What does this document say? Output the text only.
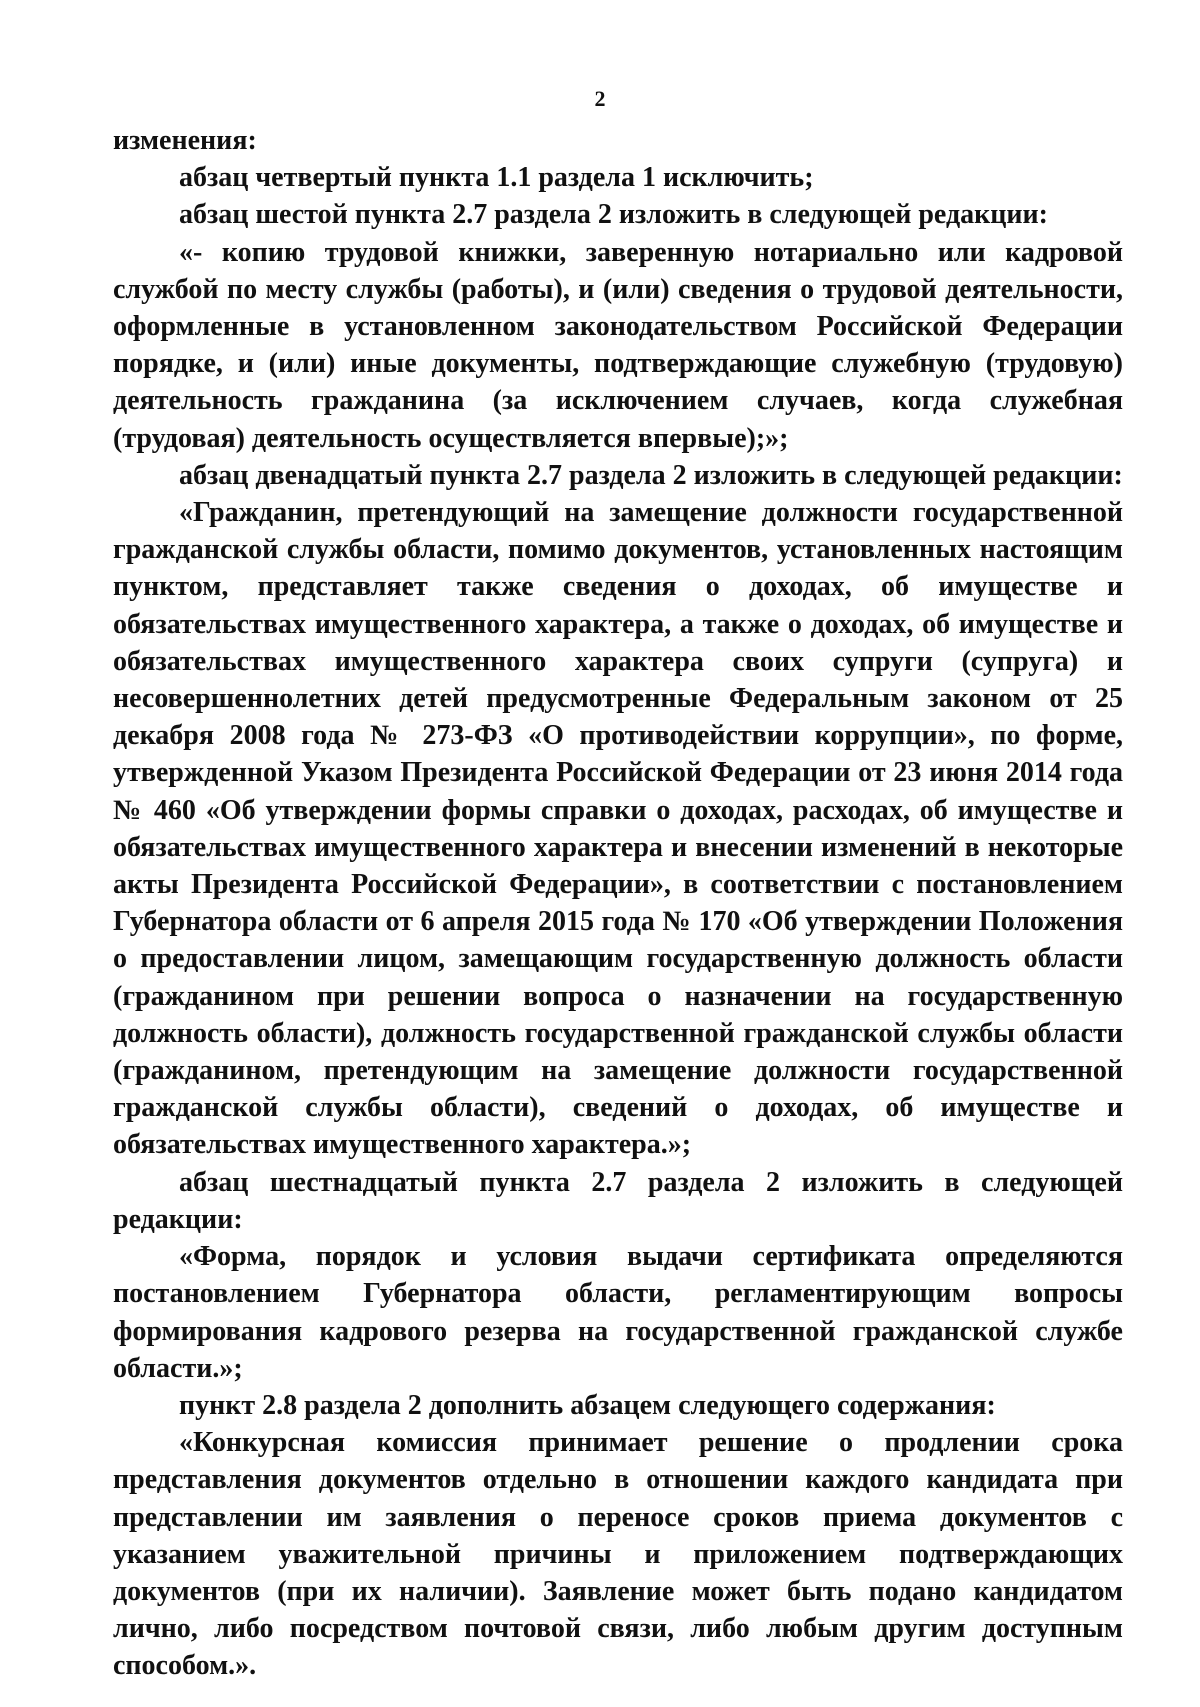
2

изменения:

абзац четвертый пункта 1.1 раздела 1 исключить;

абзац шестой пункта 2.7 раздела 2 изложить в следующей редакции:

«- копию трудовой книжки, заверенную нотариально или кадровой службой по месту службы (работы), и (или) сведения о трудовой деятельности, оформленные в установленном законодательством Российской Федерации порядке, и (или) иные документы, подтверждающие служебную (трудовую) деятельность гражданина (за исключением случаев, когда служебная (трудовая) деятельность осуществляется впервые);»;

абзац двенадцатый пункта 2.7 раздела 2 изложить в следующей редакции:

«Гражданин, претендующий на замещение должности государственной гражданской службы области, помимо документов, установленных настоящим пунктом, представляет также сведения о доходах, об имуществе и обязательствах имущественного характера, а также о доходах, об имуществе и обязательствах имущественного характера своих супруги (супруга) и несовершеннолетних детей предусмотренные Федеральным законом от 25 декабря 2008 года № 273-ФЗ «О противодействии коррупции», по форме, утвержденной Указом Президента Российской Федерации от 23 июня 2014 года № 460 «Об утверждении формы справки о доходах, расходах, об имуществе и обязательствах имущественного характера и внесении изменений в некоторые акты Президента Российской Федерации», в соответствии с постановлением Губернатора области от 6 апреля 2015 года № 170 «Об утверждении Положения о предоставлении лицом, замещающим государственную должность области (гражданином при решении вопроса о назначении на государственную должность области), должность государственной гражданской службы области (гражданином, претендующим на замещение должности государственной гражданской службы области), сведений о доходах, об имуществе и обязательствах имущественного характера.»;

абзац шестнадцатый пункта 2.7 раздела 2 изложить в следующей редакции:

«Форма, порядок и условия выдачи сертификата определяются постановлением Губернатора области, регламентирующим вопросы формирования кадрового резерва на государственной гражданской службе области.»;

пункт 2.8 раздела 2 дополнить абзацем следующего содержания:

«Конкурсная комиссия принимает решение о продлении срока представления документов отдельно в отношении каждого кандидата при представлении им заявления о переносе сроков приема документов с указанием уважительной причины и приложением подтверждающих документов (при их наличии). Заявление может быть подано кандидатом лично, либо посредством почтовой связи, либо любым другим доступным способом.».
